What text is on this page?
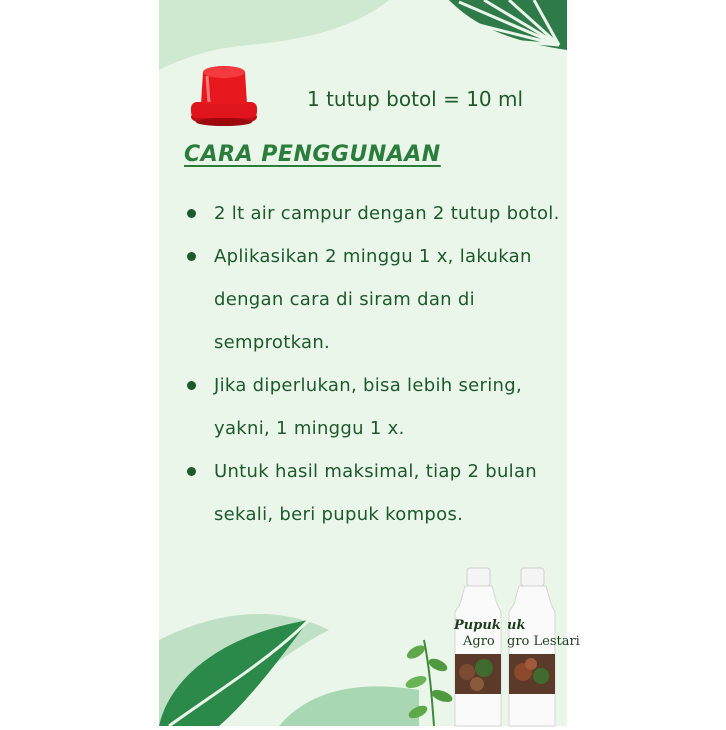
1 tutup botol = 10 ml
CARA PENGGUNAAN
2 lt air campur dengan 2 tutup botol.
Aplikasikan 2 minggu 1 x, lakukan dengan cara di siram dan di semprotkan.
Jika diperlukan, bisa lebih sering, yakni, 1 minggu 1 x.
Untuk hasil maksimal, tiap 2 bulan sekali, beri pupuk kompos.
Pupuk
Agro
uk
gro Lestari
